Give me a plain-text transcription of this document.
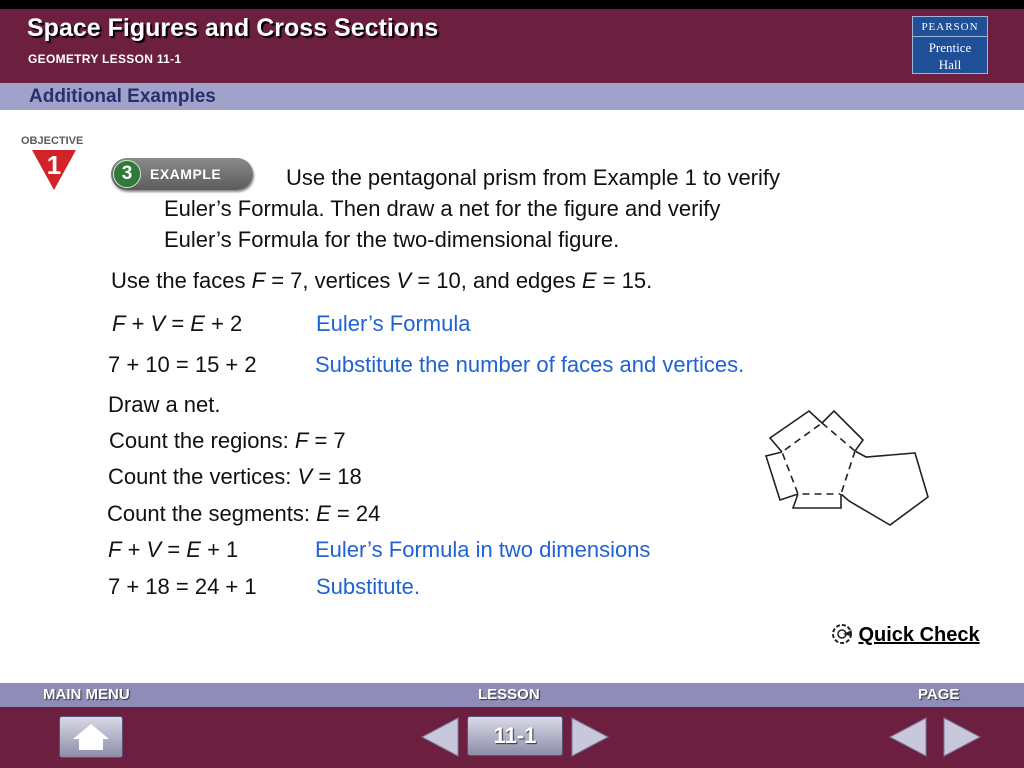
Space Figures and Cross Sections
GEOMETRY LESSON 11-1
PEARSON
Prentice
Hall
Additional Examples
OBJECTIVE
1	3	EXAMPLE	Use the pentagonal prism from Example 1 to verify
Euler’s Formula. Then draw a net for the figure and verify
Euler’s Formula for the two-dimensional figure.
Use the faces F = 7, vertices V = 10, and edges E = 15.
F + V = E + 2	Euler’s Formula
7 + 10 = 15 + 2	Substitute the number of faces and vertices.
Draw a net.
Count the regions: F = 7
Count the vertices: V = 18
Count the segments: E = 24
F + V = E + 1	Euler’s Formula in two dimensions
7 + 18 = 24 + 1	Substitute.
Quick Check
MAIN MENU	LESSON	PAGE
11-1
